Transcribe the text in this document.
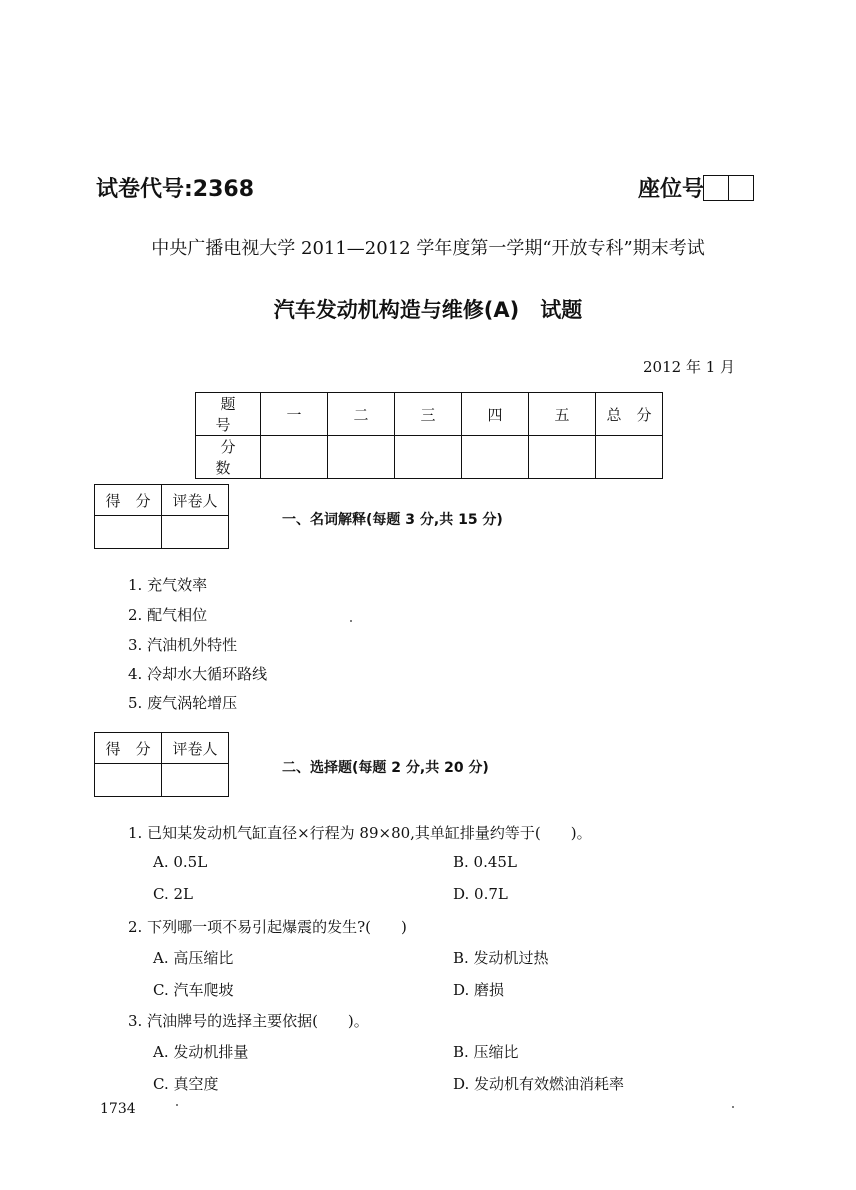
试卷代号:2368	座位号
中央广播电视大学 2011—2012 学年度第一学期“开放专科”期末考试
汽车发动机构造与维修(A)　试题
2012 年 1 月
题　号	一	二	三	四	五	总　分
分　数						
得　分	评卷人

一、名词解释(每题 3 分,共 15 分)
1. 充气效率
2. 配气相位
3. 汽油机外特性
4. 冷却水大循环路线
5. 废气涡轮增压
得　分	评卷人

二、选择题(每题 2 分,共 20 分)
1. 已知某发动机气缸直径×行程为 89×80,其单缸排量约等于(　　)。
A. 0.5L	B. 0.45L
C. 2L	D. 0.7L
2. 下列哪一项不易引起爆震的发生?(　　)
A. 高压缩比	B. 发动机过热
C. 汽车爬坡	D. 磨损
3. 汽油牌号的选择主要依据(　　)。
A. 发动机排量	B. 压缩比
C. 真空度	D. 发动机有效燃油消耗率
1734
